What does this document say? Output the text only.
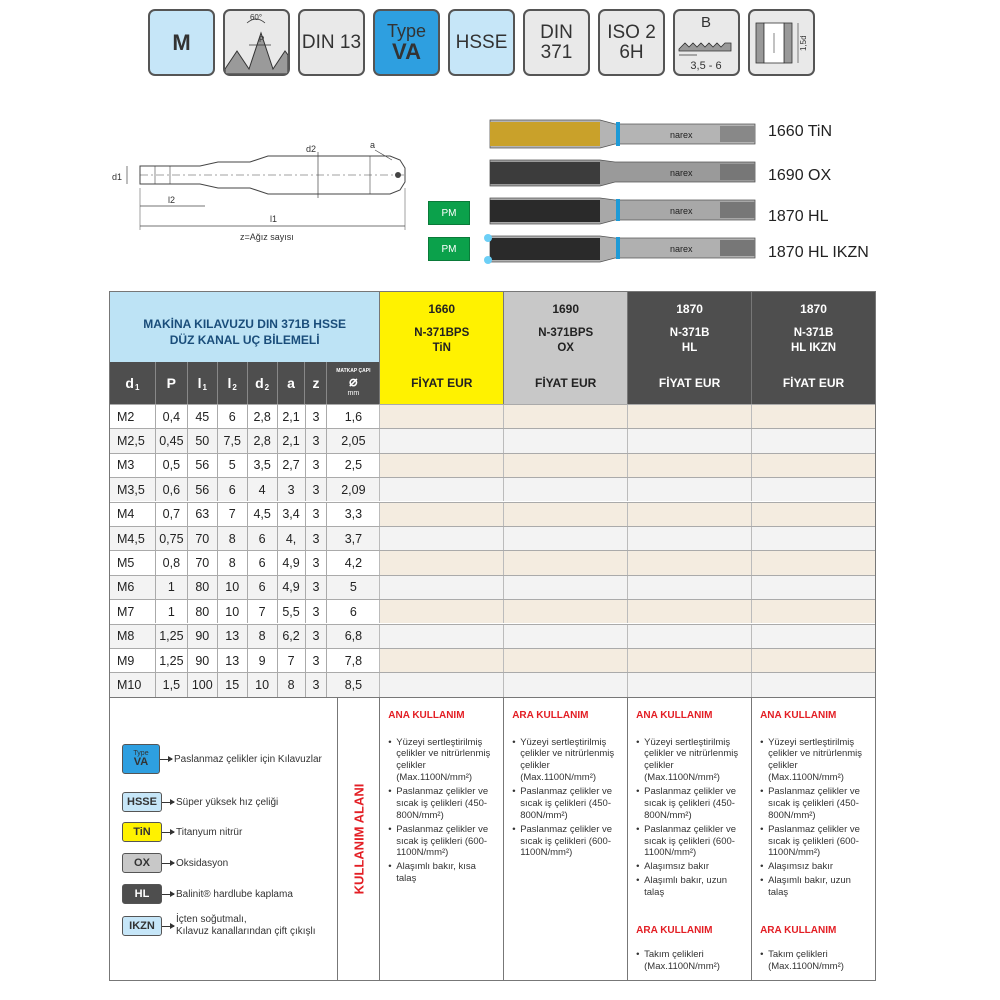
M
60°
P DIN 13
Type
VA HSSE DIN
371
ISO 2
6H
B
3,5 - 6
1,5d
d1
d2
l2
l1
a
z=Ağız sayısı
narex
narex
narex
narex
1660 TiN
1690 OX
1870 HL
1870 HL IKZN
PM
PM
MAKİNA KILAVUZU DIN 371B HSSE
DÜZ KANAL UÇ BİLEMELİ
1660
N-371BPS
TiN
1690
N-371BPS
OX
1870
N-371B
HL
1870
N-371B
HL IKZN
$d_1$ P $l_1$ $l_2$ $d_2$ a z
MATKAP ÇAPI
⌀
mm
FİYAT EUR	FİYAT EUR	FİYAT EUR	FİYAT EUR
M2	0,4	45	6	2,8 2,1	3	1,6
M2,5	0,45 50	7,5	2,8 2,1	3	2,05
M3	0,5	56	5	3,5 2,7	3	2,5
M3,5	0,6	56	6	4	3	3	2,09
M4	0,7	63	7	4,5 3,4	3	3,3
M4,5	0,75 70	8	6	4,	3	3,7
M5	0,8	70	8	6	4,9	3	4,2
M6	1	80	10	6	4,9	3	5
M7	1	80	10	7	5,5	3	6
M8	1,25 90	13	8	6,2	3	6,8
M9	1,25 90	13	9	7	3	7,8
M10	1,5 100	15	10	8	3	8,5
Type
VA	Paslanmaz çelikler için Kılavuzlar
HSSE	Süper yüksek hız çeliği
TiN	Titanyum nitrür
OX	Oksidasyon
HL	Balinit® hardlube kaplama
IKZN
İçten soğutmalı,
Kılavuz kanallarından çift çıkışlı
KULLANIM ALANI
ANA KULLANIM
• Yüzeyi sertleştirilmiş çelikler ve nitrürlenmiş çelikler (Max.1100N/mm²)
• Paslanmaz çelikler ve sıcak iş çelikleri (450-800N/mm²)
• Paslanmaz çelikler ve sıcak iş çelikleri (600-1100N/mm²)
• Alaşımlı bakır, kısa talaş
ARA KULLANIM
• Yüzeyi sertleştirilmiş çelikler ve nitrürlenmiş çelikler (Max.1100N/mm²)
• Paslanmaz çelikler ve sıcak iş çelikleri (450-800N/mm²)
• Paslanmaz çelikler ve sıcak iş çelikleri (600-1100N/mm²)
ANA KULLANIM
• Yüzeyi sertleştirilmiş çelikler ve nitrürlenmiş çelikler (Max.1100N/mm²)
• Paslanmaz çelikler ve sıcak iş çelikleri (450-800N/mm²)
• Paslanmaz çelikler ve sıcak iş çelikleri (600-1100N/mm²)
• Alaşımsız bakır
• Alaşımlı bakır, uzun talaş
ARA KULLANIM
• Takım çelikleri (Max.1100N/mm²)
ANA KULLANIM
• Yüzeyi sertleştirilmiş çelikler ve nitrürlenmiş çelikler (Max.1100N/mm²)
• Paslanmaz çelikler ve sıcak iş çelikleri (450-800N/mm²)
• Paslanmaz çelikler ve sıcak iş çelikleri (600-1100N/mm²)
• Alaşımsız bakır
• Alaşımlı bakır, uzun talaş
ARA KULLANIM
• Takım çelikleri (Max.1100N/mm²)
